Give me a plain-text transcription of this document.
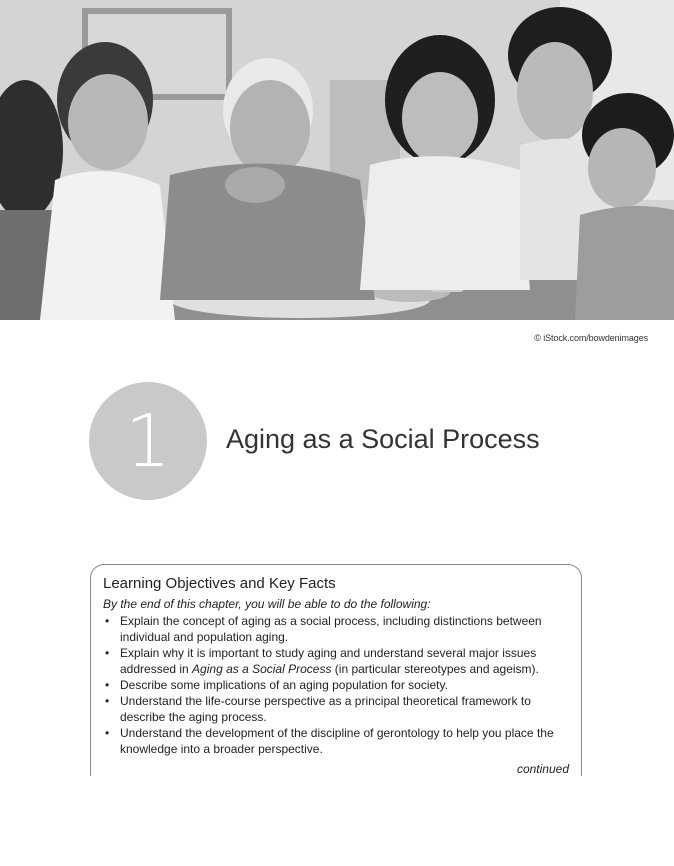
© iStock.com/bowdenimages
1 Aging as a Social Process
Learning Objectives and Key Facts
By the end of this chapter, you will be able to do the following:
• Explain the concept of aging as a social process, including distinctions between individual and population aging.
• Explain why it is important to study aging and understand several major issues addressed in Aging as a Social Process (in particular stereotypes and ageism).
• Describe some implications of an aging population for society.
• Understand the life-course perspective as a principal theoretical framework to describe the aging process.
• Understand the development of the discipline of gerontology to help you place the knowledge into a broader perspective.
continued
